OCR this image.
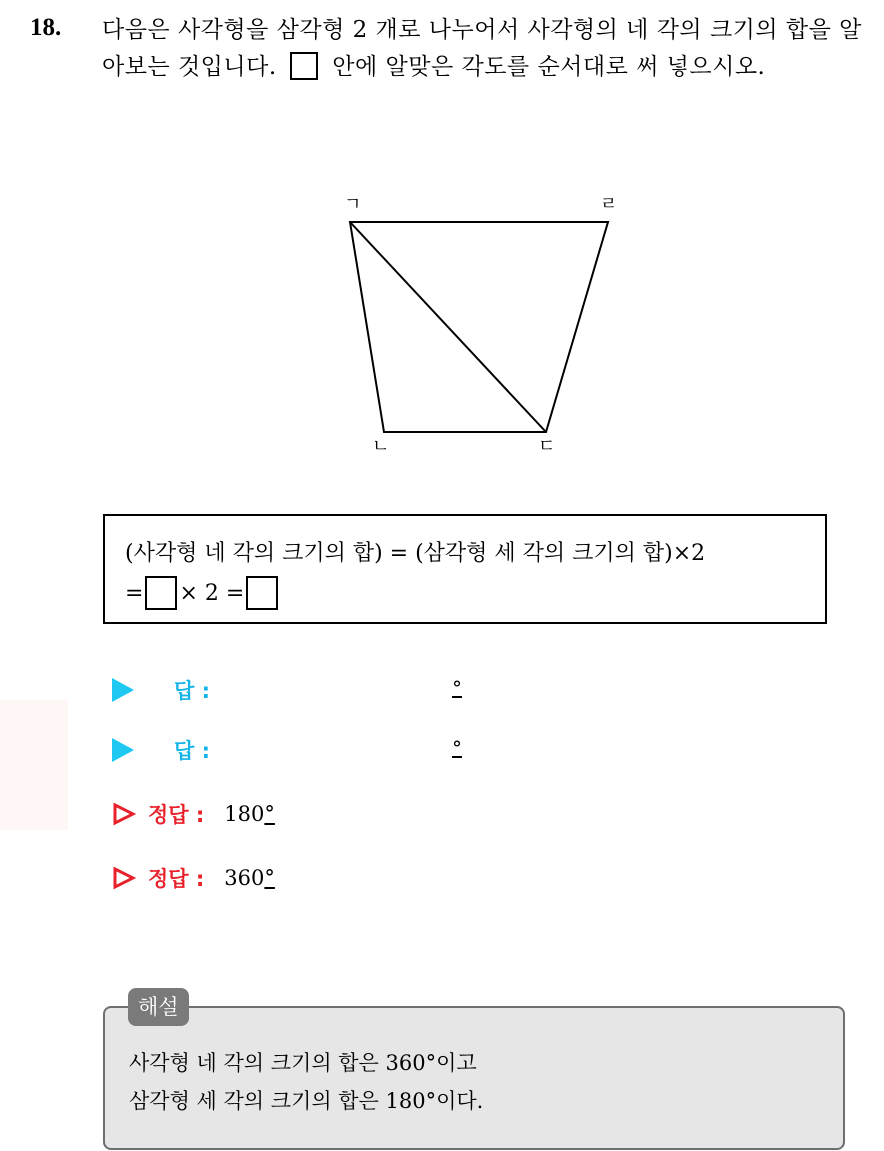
18. 다음은 사각형을 삼각형 2 개로 나누어서 사각형의 네 각의 크기의 합을 알아보는 것입니다. 안에 알맞은 각도를 순서대로 써 넣으시오.
ㄱ	ㄹ
ㄴ	ㄷ
(사각형 네 각의 크기의 합) = (삼각형 세 각의 크기의 합)×2
= × 2 =
답 :	°
답 :	°
정답 : 180°
정답 : 360°
사각형 네 각의 크기의 합은 360°이고
삼각형 세 각의 크기의 합은 180°이다.
해설
